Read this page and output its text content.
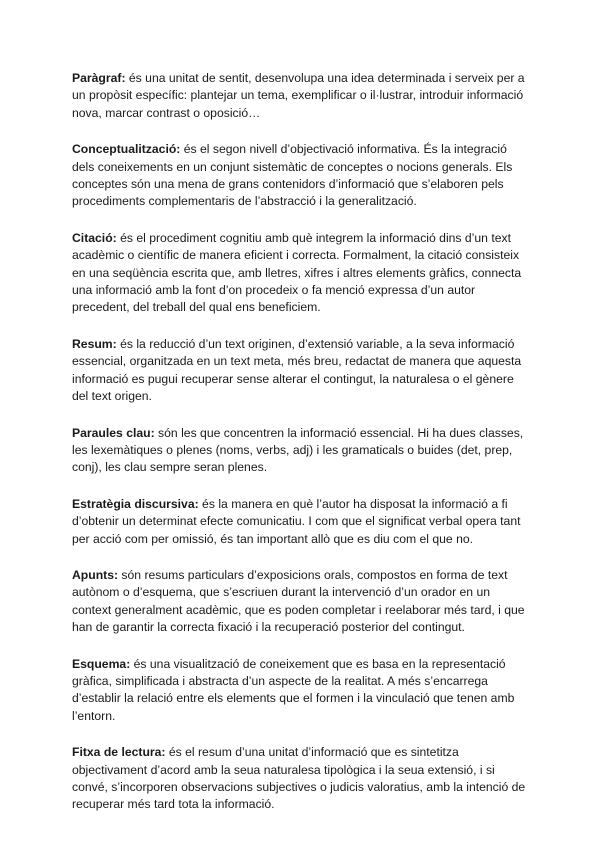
Paràgraf: és una unitat de sentit, desenvolupa una idea determinada i serveix per a un propòsit específic: plantejar un tema, exemplificar o il·lustrar, introduir informació nova, marcar contrast o oposició…

Conceptualització: és el segon nivell d’objectivació informativa. És la integració dels coneixements en un conjunt sistemàtic de conceptes o nocions generals. Els conceptes són una mena de grans contenidors d’informació que s’elaboren pels procediments complementaris de l’abstracció i la generalització.

Citació: és el procediment cognitiu amb què integrem la informació dins d’un text acadèmic o científic de manera eficient i correcta. Formalment, la citació consisteix en una seqüència escrita que, amb lletres, xifres i altres elements gràfics, connecta una informació amb la font d’on procedeix o fa menció expressa d’un autor precedent, del treball del qual ens beneficiem.

Resum: és la reducció d’un text originen, d’extensió variable, a la seva informació essencial, organitzada en un text meta, més breu, redactat de manera que aquesta informació es pugui recuperar sense alterar el contingut, la naturalesa o el gènere del text origen.

Paraules clau: són les que concentren la informació essencial. Hi ha dues classes, les lexemàtiques o plenes (noms, verbs, adj) i les gramaticals o buides (det, prep, conj), les clau sempre seran plenes.

Estratègia discursiva: és la manera en què l’autor ha disposat la informació a fi d’obtenir un determinat efecte comunicatiu. I com que el significat verbal opera tant per acció com per omissió, és tan important allò que es diu com el que no.

Apunts: són resums particulars d’exposicions orals, compostos en forma de text autònom o d’esquema, que s’escriuen durant la intervenció d’un orador en un context generalment acadèmic, que es poden completar i reelaborar més tard, i que han de garantir la correcta fixació i la recuperació posterior del contingut.

Esquema: és una visualització de coneixement que es basa en la representació gràfica, simplificada i abstracta d’un aspecte de la realitat. A més s’encarrega d’establir la relació entre els elements que el formen i la vinculació que tenen amb l’entorn.

Fitxa de lectura: és el resum d’una unitat d’informació que es sintetitza objectivament d’acord amb la seua naturalesa tipològica i la seua extensió, i si convé, s’incorporen observacions subjectives o judicis valoratius, amb la intenció de recuperar més tard tota la informació.
